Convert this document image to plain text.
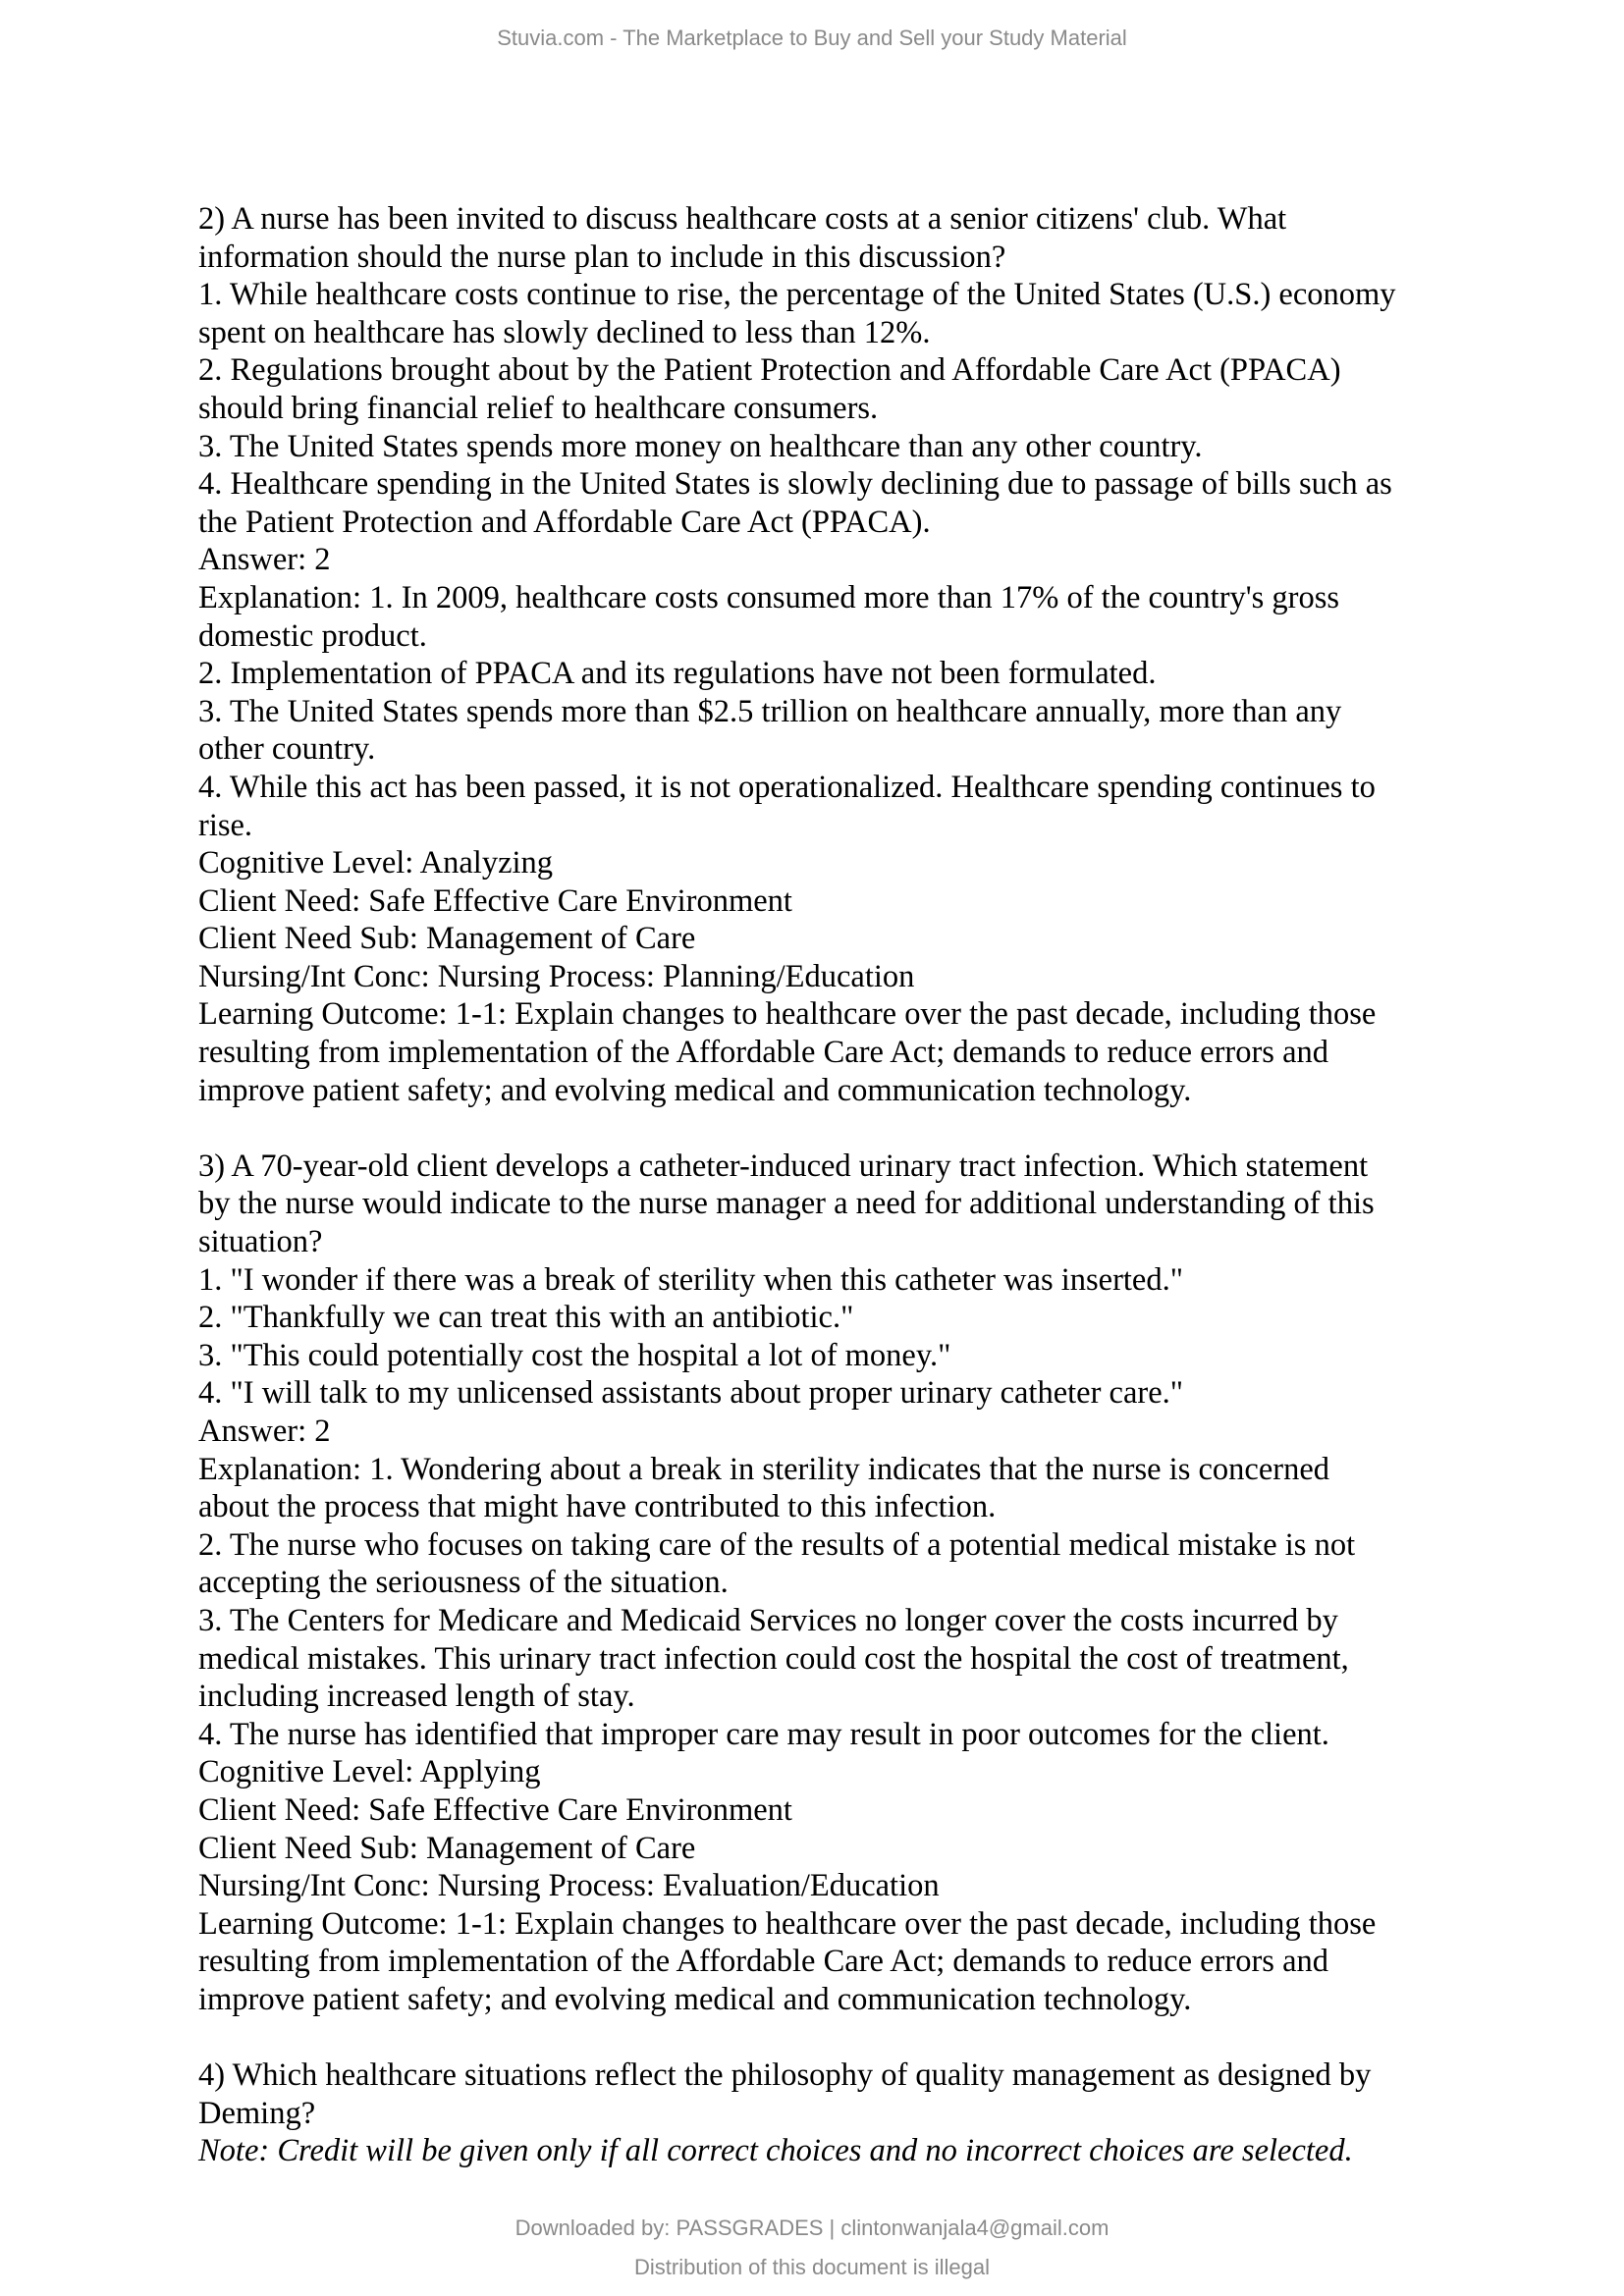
Stuvia.com - The Marketplace to Buy and Sell your Study Material
2) A nurse has been invited to discuss healthcare costs at a senior citizens' club. What
information should the nurse plan to include in this discussion?
1. While healthcare costs continue to rise, the percentage of the United States (U.S.) economy
spent on healthcare has slowly declined to less than 12%.
2. Regulations brought about by the Patient Protection and Affordable Care Act (PPACA)
should bring financial relief to healthcare consumers.
3. The United States spends more money on healthcare than any other country.
4. Healthcare spending in the United States is slowly declining due to passage of bills such as
the Patient Protection and Affordable Care Act (PPACA).
Answer: 2
Explanation: 1. In 2009, healthcare costs consumed more than 17% of the country's gross
domestic product.
2. Implementation of PPACA and its regulations have not been formulated.
3. The United States spends more than $2.5 trillion on healthcare annually, more than any
other country.
4. While this act has been passed, it is not operationalized. Healthcare spending continues to
rise.
Cognitive Level: Analyzing
Client Need: Safe Effective Care Environment
Client Need Sub: Management of Care
Nursing/Int Conc: Nursing Process: Planning/Education
Learning Outcome: 1-1: Explain changes to healthcare over the past decade, including those
resulting from implementation of the Affordable Care Act; demands to reduce errors and
improve patient safety; and evolving medical and communication technology.
3) A 70-year-old client develops a catheter-induced urinary tract infection. Which statement
by the nurse would indicate to the nurse manager a need for additional understanding of this
situation?
1. "I wonder if there was a break of sterility when this catheter was inserted."
2. "Thankfully we can treat this with an antibiotic."
3. "This could potentially cost the hospital a lot of money."
4. "I will talk to my unlicensed assistants about proper urinary catheter care."
Answer: 2
Explanation: 1. Wondering about a break in sterility indicates that the nurse is concerned
about the process that might have contributed to this infection.
2. The nurse who focuses on taking care of the results of a potential medical mistake is not
accepting the seriousness of the situation.
3. The Centers for Medicare and Medicaid Services no longer cover the costs incurred by
medical mistakes. This urinary tract infection could cost the hospital the cost of treatment,
including increased length of stay.
4. The nurse has identified that improper care may result in poor outcomes for the client.
Cognitive Level: Applying
Client Need: Safe Effective Care Environment
Client Need Sub: Management of Care
Nursing/Int Conc: Nursing Process: Evaluation/Education
Learning Outcome: 1-1: Explain changes to healthcare over the past decade, including those
resulting from implementation of the Affordable Care Act; demands to reduce errors and
improve patient safety; and evolving medical and communication technology.
4) Which healthcare situations reflect the philosophy of quality management as designed by
Deming?
Note: Credit will be given only if all correct choices and no incorrect choices are selected.
Downloaded by: PASSGRADES | clintonwanjala4@gmail.com
Distribution of this document is illegal
